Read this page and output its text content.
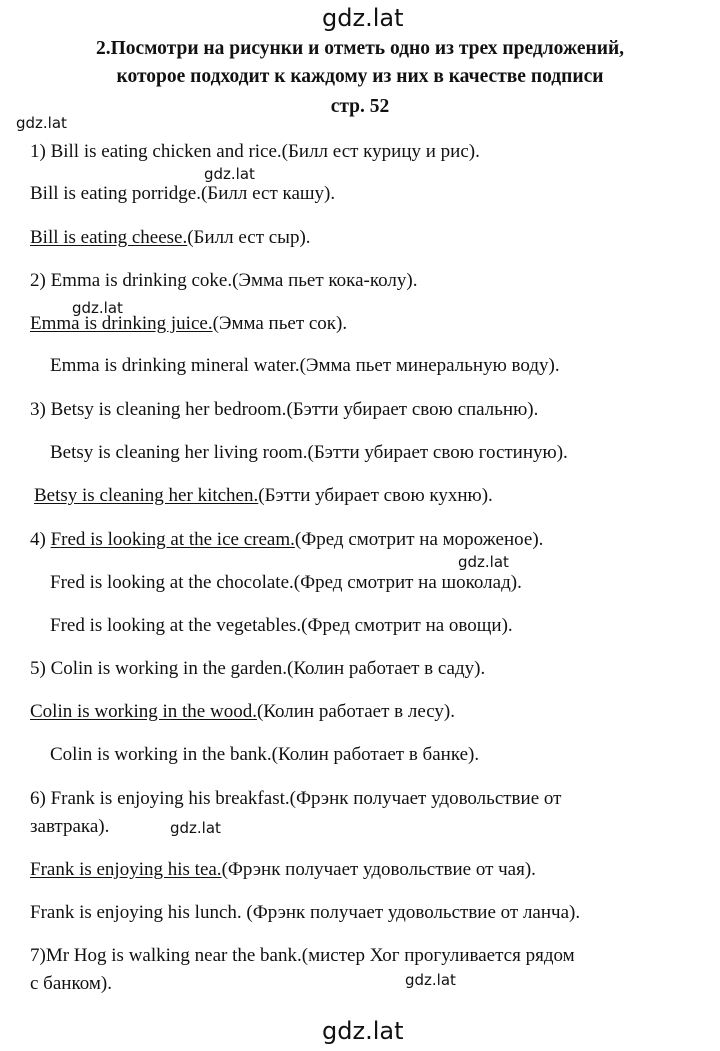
gdz.lat
gdz.lat
gdz.lat
gdz.lat
gdz.lat
gdz.lat
gdz.lat
gdz.lat
2.Посмотри на рисунки и отметь одно из трех предложений,
которое подходит к каждому из них в качестве подписи
стр. 52
1) Bill is eating chicken and rice.(Билл ест курицу и рис).
Bill is eating porridge.(Билл ест кашу).
Bill is eating cheese.(Билл ест сыр).
2) Emma is drinking coke.(Эмма пьет кока-колу).
Emma is drinking juice.(Эмма пьет сок).
Emma is drinking mineral water.(Эмма пьет минеральную воду).
3) Betsy is cleaning her bedroom.(Бэтти убирает свою спальню).
Betsy is cleaning her living room.(Бэтти убирает свою гостиную).
Betsy is cleaning her kitchen.(Бэтти убирает свою кухню).
4) Fred is looking at the ice cream.(Фред смотрит на мороженое).
Fred is looking at the chocolate.(Фред смотрит на шоколад).
Fred is looking at the vegetables.(Фред смотрит на овощи).
5) Colin is working in the garden.(Колин работает в саду).
Colin is working in the wood.(Колин работает в лесу).
Colin is working in the bank.(Колин работает в банке).
6) Frank is enjoying his breakfast.(Фрэнк получает удовольствие от
завтрака).
Frank is enjoying his tea.(Фрэнк получает удовольствие от чая).
Frank is enjoying his lunch. (Фрэнк получает удовольствие от ланча).
7)Mr Hog is walking near the bank.(мистер Хог прогуливается рядом
с банком).
